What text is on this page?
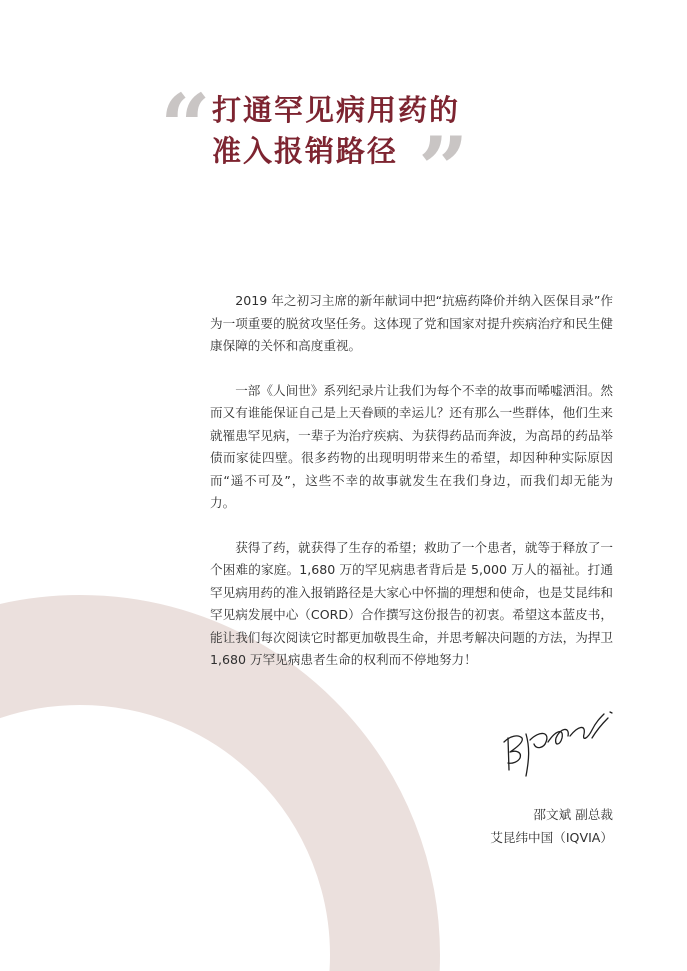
“ 打通罕见病用药的
准入报销路径 ”

2019 年之初习主席的新年献词中把“抗癌药降价并纳入医保目录”作为一项重要的脱贫攻坚任务。这体现了党和国家对提升疾病治疗和民生健康保障的关怀和高度重视。

一部《人间世》系列纪录片让我们为每个不幸的故事而唏嘘洒泪。然而又有谁能保证自己是上天眷顾的幸运儿？还有那么一些群体，他们生来就罹患罕见病，一辈子为治疗疾病、为获得药品而奔波，为高昂的药品举债而家徒四壁。很多药物的出现明明带来生的希望，却因种种实际原因而“遥不可及”，这些不幸的故事就发生在我们身边，而我们却无能为力。

获得了药，就获得了生存的希望；救助了一个患者，就等于释放了一个困难的家庭。1,680 万的罕见病患者背后是 5,000 万人的福祉。打通罕见病用药的准入报销路径是大家心中怀揣的理想和使命，也是艾昆纬和罕见病发展中心（CORD）合作撰写这份报告的初衷。希望这本蓝皮书，能让我们每次阅读它时都更加敬畏生命，并思考解决问题的方法，为捍卫 1,680 万罕见病患者生命的权利而不停地努力！

邵文斌 副总裁
艾昆纬中国（IQVIA）
